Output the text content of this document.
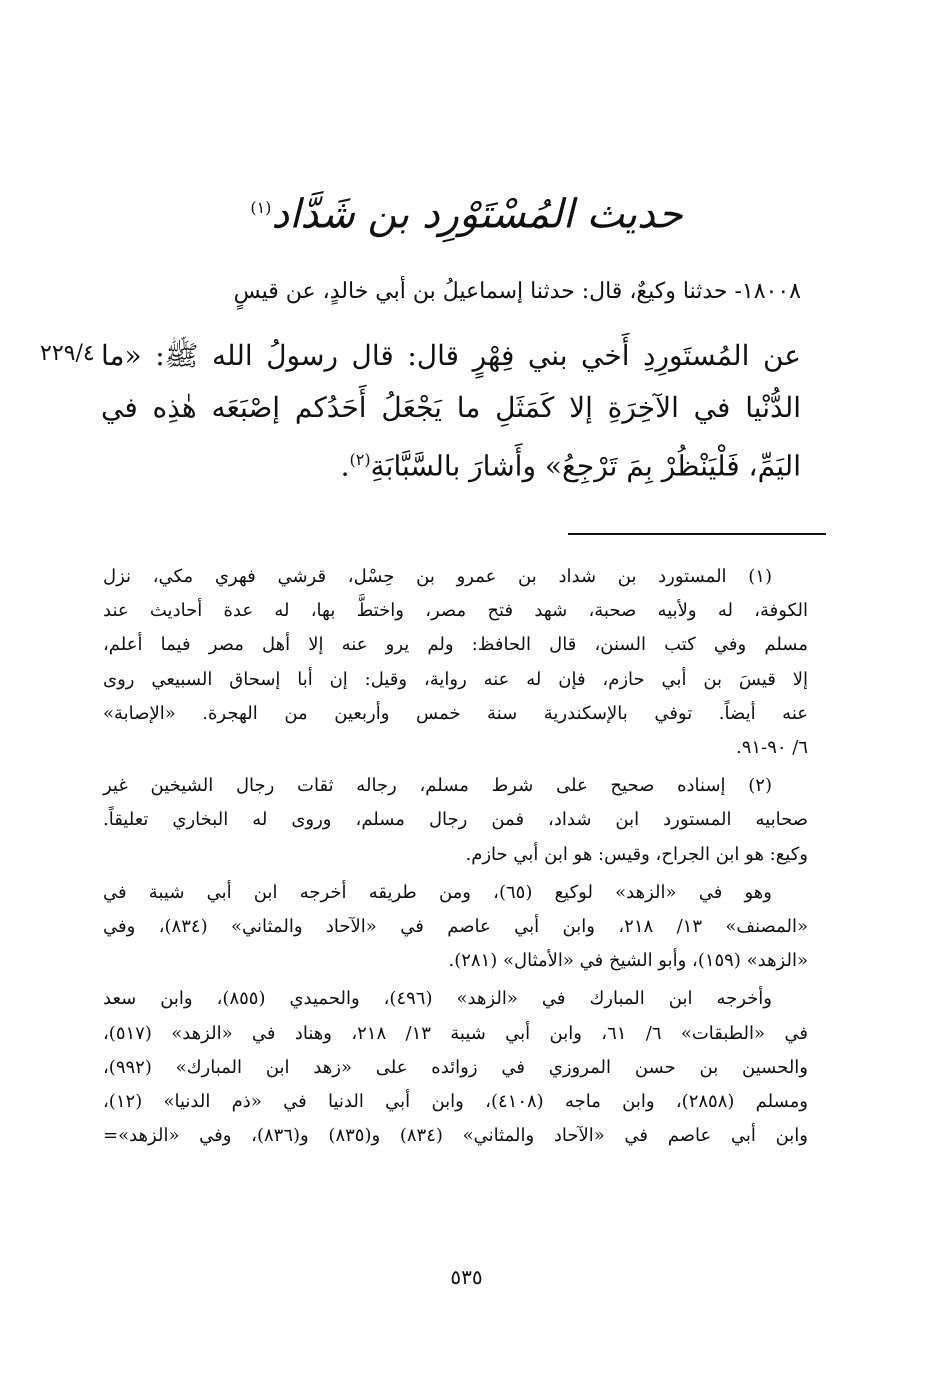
حديث المُسْتَوْرِد بن شَدَّاد$^{(١)}$
١٨٠٠٨- حدثنا وكيعٌ، قال: حدثنا إسماعيلُ بن أبي خالدٍ، عن قيسٍ
عن المُستَورِدِ أَخي بني فِهْرٍ قال: قال رسولُ الله ﷺ: «ما
الدُّنْيا في الآخِرَةِ إلا كَمَثَلِ ما يَجْعَلُ أَحَدُكم إصْبَعَه هٰذِه في
اليَمِّ، فَلْيَنْظُرْ بِمَ تَرْجِعُ» وأَشارَ بالسَّبَّابَةِ$^{(٢)}$.
٢٢٩/٤
(١) المستورد بن شداد بن عمرو بن حِسْل، قرشي فهري مكي، نزل
الكوفة، له ولأبيه صحبة، شهد فتح مصر، واختطَّ بها، له عدة أحاديث عند
مسلم وفي كتب السنن، قال الحافظ: ولم يرو عنه إلا أهل مصر فيما أعلم،
إلا قيسَ بن أبي حازم، فإن له عنه رواية، وقيل: إن أبا إسحاق السبيعي روى
عنه أيضاً. توفي بالإسكندرية سنة خمس وأربعين من الهجرة. «الإصابة»
٦/ ٩٠-٩١.
(٢) إسناده صحيح على شرط مسلم، رجاله ثقات رجال الشيخين غير
صحابيه المستورد ابن شداد، فمن رجال مسلم، وروى له البخاري تعليقاً.
وكيع: هو ابن الجراح، وقيس: هو ابن أبي حازم.
وهو في «الزهد» لوكيع (٦٥)، ومن طريقه أخرجه ابن أبي شيبة في
«المصنف» ١٣/ ٢١٨، وابن أبي عاصم في «الآحاد والمثاني» (٨٣٤)، وفي
«الزهد» (١٥٩)، وأبو الشيخ في «الأمثال» (٢٨١).
وأخرجه ابن المبارك في «الزهد» (٤٩٦)، والحميدي (٨٥٥)، وابن سعد
في «الطبقات» ٦/ ٦١، وابن أبي شيبة ١٣/ ٢١٨، وهناد في «الزهد» (٥١٧)،
والحسين بن حسن المروزي في زوائده على «زهد ابن المبارك» (٩٩٢)،
ومسلم (٢٨٥٨)، وابن ماجه (٤١٠٨)، وابن أبي الدنيا في «ذم الدنيا» (١٢)،
وابن أبي عاصم في «الآحاد والمثاني» (٨٣٤) و(٨٣٥) و(٨٣٦)، وفي «الزهد»=
٥٣٥
